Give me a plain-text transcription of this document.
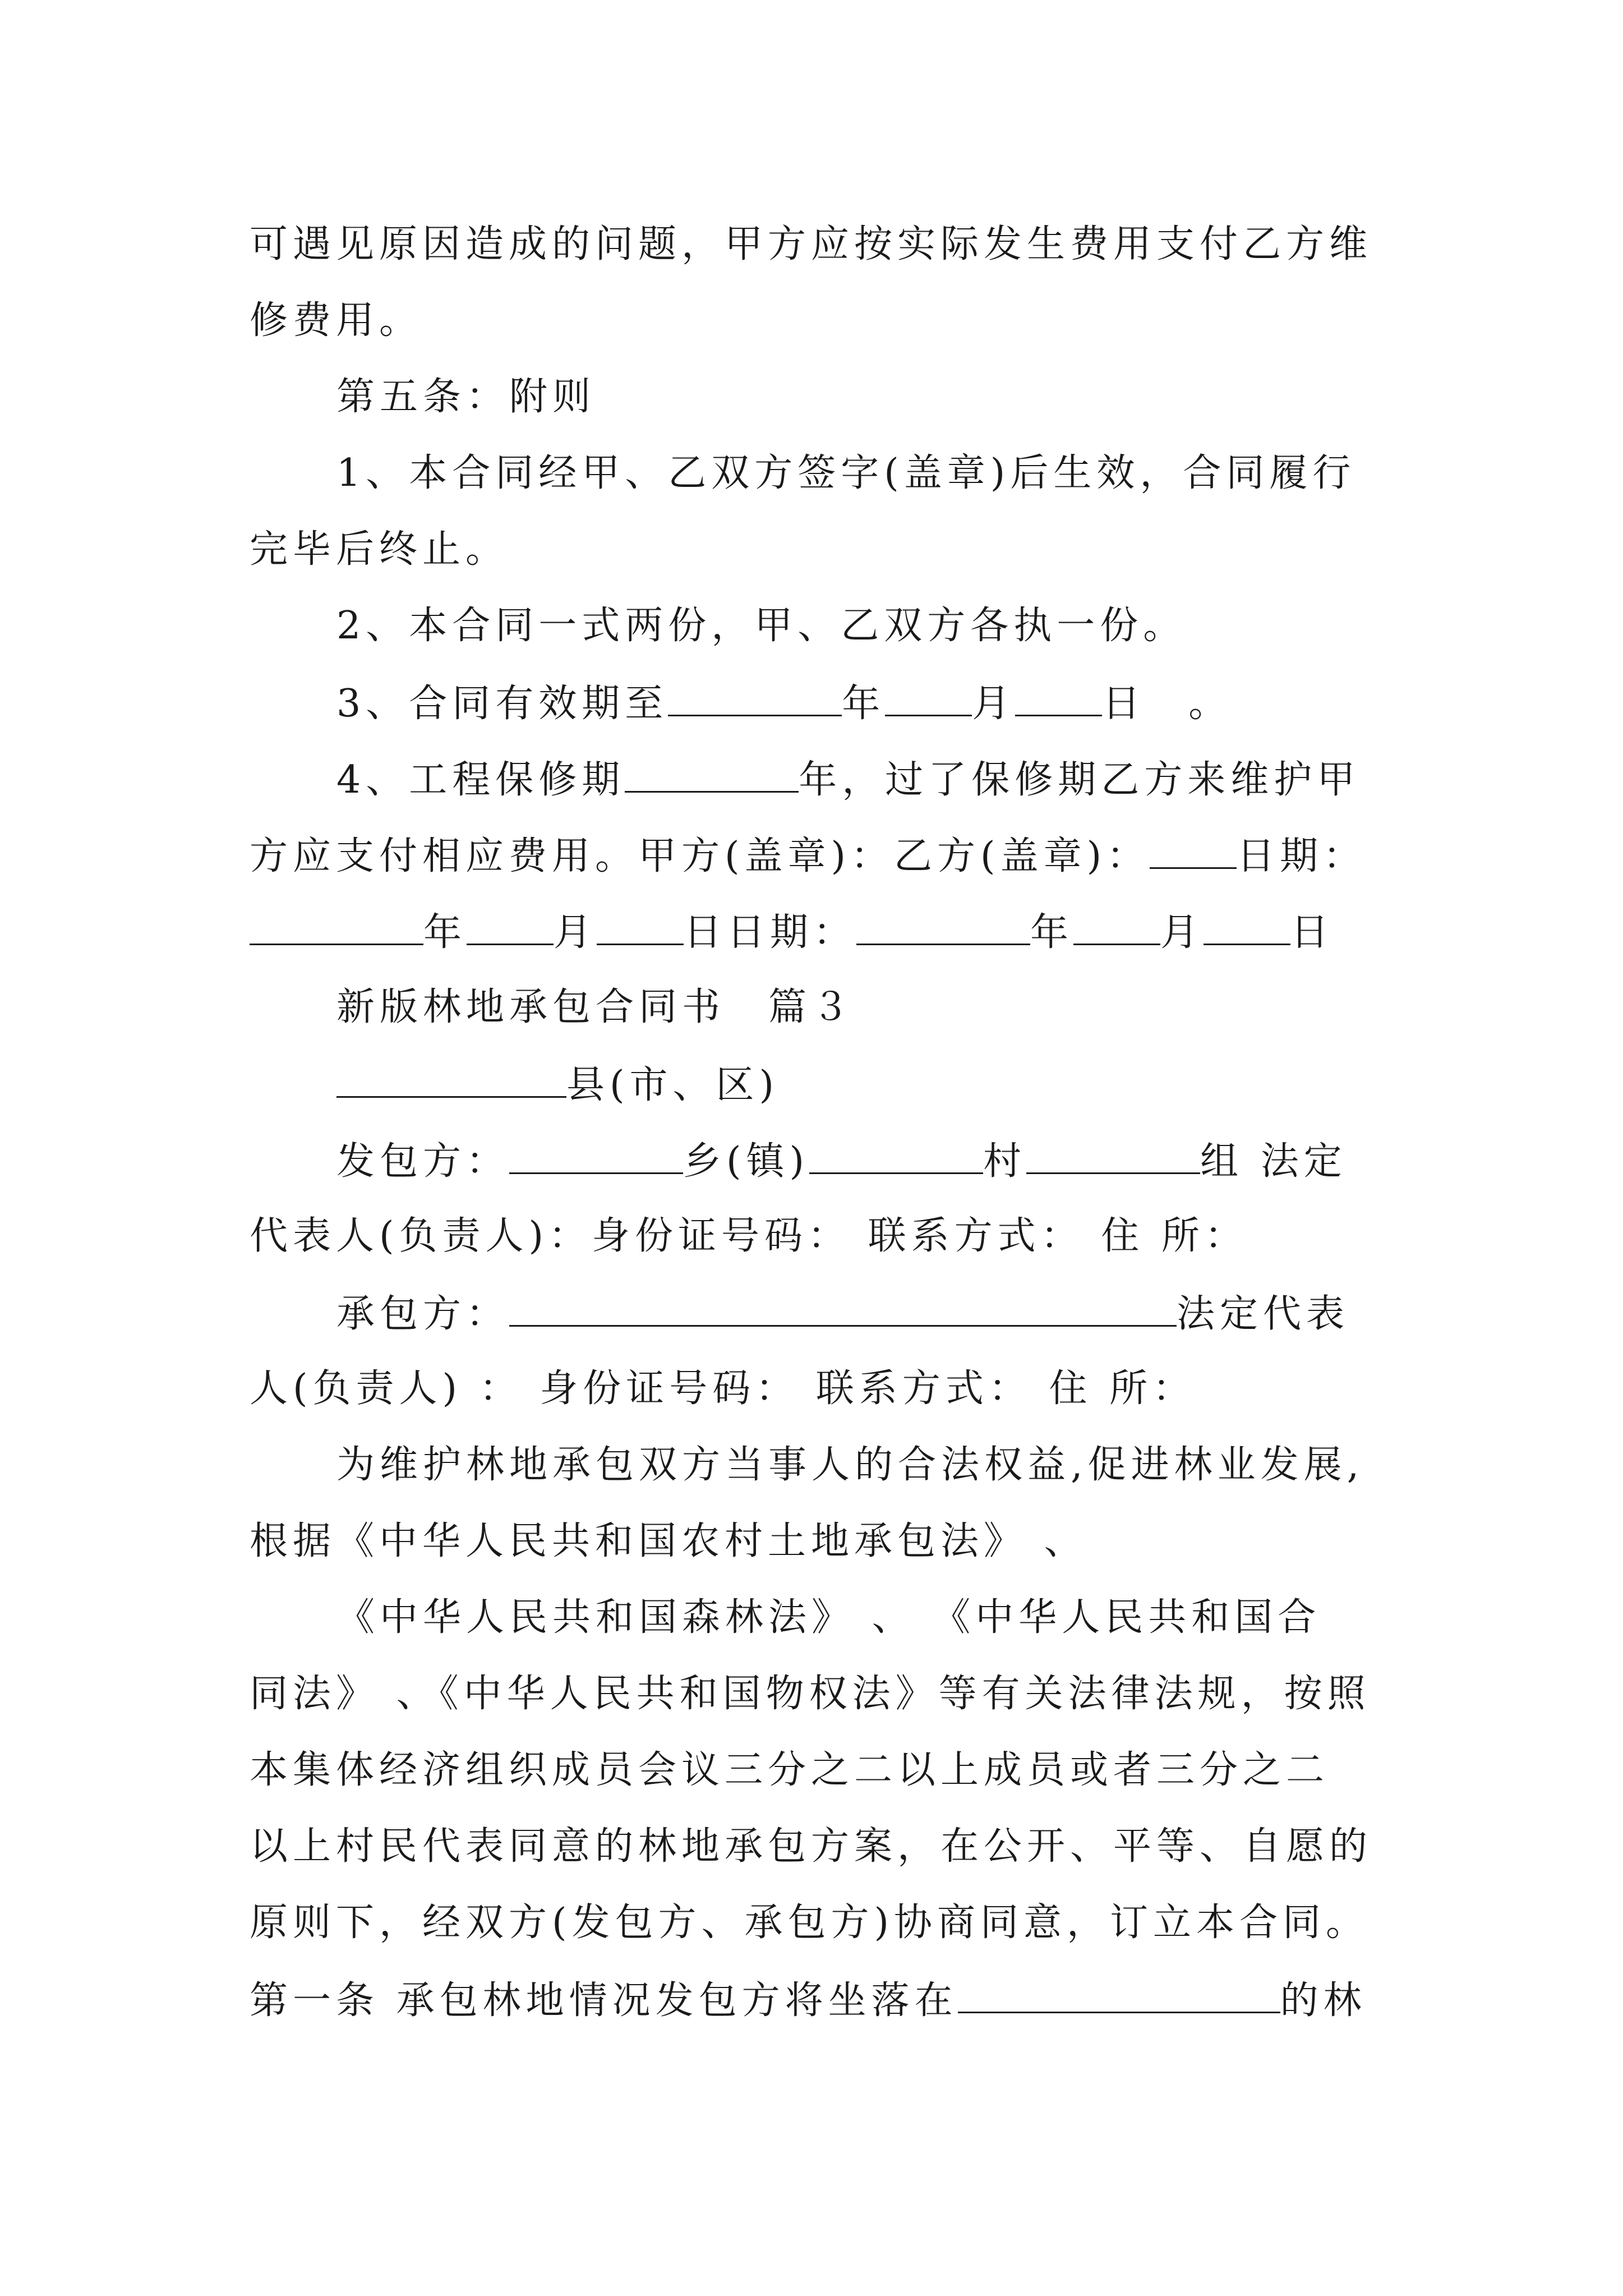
可遇见原因造成的问题，甲方应按实际发生费用支付乙方维

修费用。

第五条：附则

1、本合同经甲、乙双方签字(盖章)后生效，合同履行

完毕后终止。

2、本合同一式两份，甲、乙双方各执一份。

3、合同有效期至	年 月 日　。

4、工程保修期	年，过了保修期乙方来维护甲

方应支付相应费用。甲方(盖章)：乙方(盖章)： 日期：

年 月 日日期：	年 月 日

新版林地承包合同书　篇３

县(市、区)

发包方：	乡(镇)	村	组 法定

代表人(负责人)：身份证号码： 联系方式： 住 所：

承包方：	法定代表

人(负责人) ： 身份证号码： 联系方式： 住 所：

为维护林地承包双方当事人的合法权益,促进林业发展,

根据《中华人民共和国农村土地承包法》 、

《中华人民共和国森林法》 、 《中华人民共和国合

同法》 、《中华人民共和国物权法》等有关法律法规，按照

本集体经济组织成员会议三分之二以上成员或者三分之二

以上村民代表同意的林地承包方案，在公开、平等、自愿的

原则下，经双方(发包方、承包方)协商同意，订立本合同。

第一条 承包林地情况发包方将坐落在	的林
